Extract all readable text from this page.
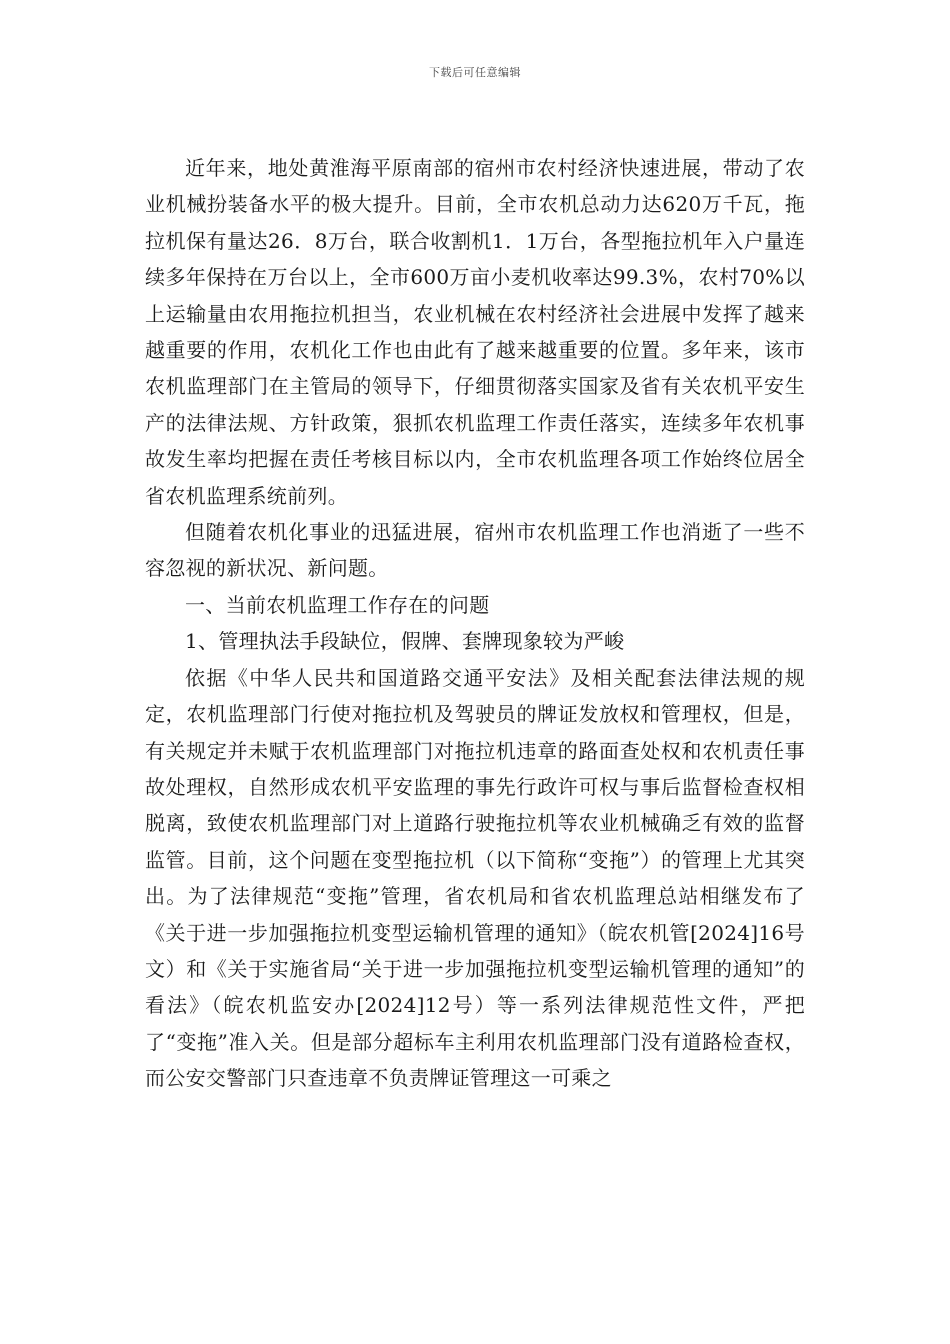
下载后可任意编辑

近年来，地处黄淮海平原南部的宿州市农村经济快速进展，带动了农业机械扮装备水平的极大提升。目前，全市农机总动力达620万千瓦，拖拉机保有量达26．8万台，联合收割机1．1万台，各型拖拉机年入户量连续多年保持在万台以上，全市600万亩小麦机收率达99.3%，农村70%以上运输量由农用拖拉机担当，农业机械在农村经济社会进展中发挥了越来越重要的作用，农机化工作也由此有了越来越重要的位置。多年来，该市农机监理部门在主管局的领导下，仔细贯彻落实国家及省有关农机平安生产的法律法规、方针政策，狠抓农机监理工作责任落实，连续多年农机事故发生率均把握在责任考核目标以内，全市农机监理各项工作始终位居全省农机监理系统前列。

但随着农机化事业的迅猛进展，宿州市农机监理工作也消逝了一些不容忽视的新状况、新问题。

一、当前农机监理工作存在的问题

1、管理执法手段缺位，假牌、套牌现象较为严峻

依据《中华人民共和国道路交通平安法》及相关配套法律法规的规定，农机监理部门行使对拖拉机及驾驶员的牌证发放权和管理权，但是，有关规定并未赋于农机监理部门对拖拉机违章的路面查处权和农机责任事故处理权，自然形成农机平安监理的事先行政许可权与事后监督检查权相脱离，致使农机监理部门对上道路行驶拖拉机等农业机械确乏有效的监督监管。目前，这个问题在变型拖拉机（以下简称“变拖”）的管理上尤其突出。为了法律规范“变拖”管理，省农机局和省农机监理总站相继发布了《关于进一步加强拖拉机变型运输机管理的通知》（皖农机管[2024]16号文）和《关于实施省局“关于进一步加强拖拉机变型运输机管理的通知”的看法》（皖农机监安办[2024]12号）等一系列法律规范性文件，严把了“变拖”准入关。但是部分超标车主利用农机监理部门没有道路检查权，而公安交警部门只查违章不负责牌证管理这一可乘之
